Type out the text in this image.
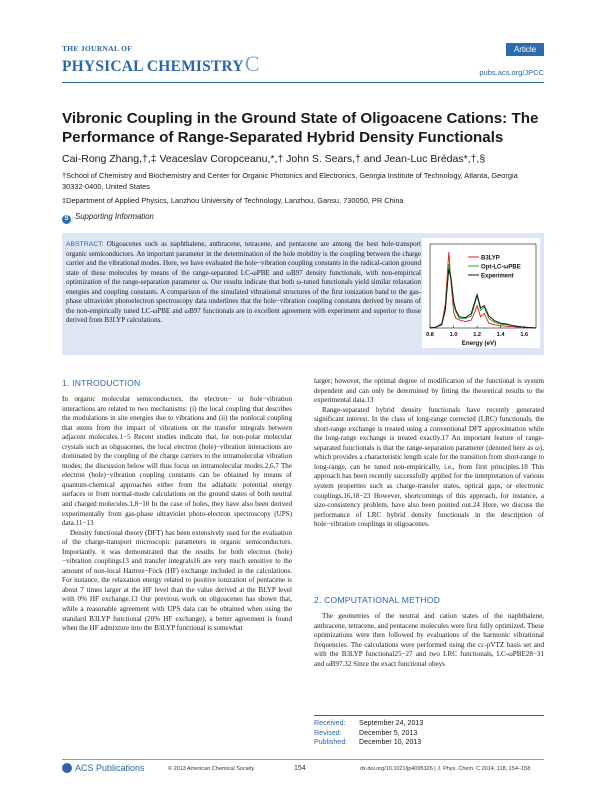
THE JOURNAL OF
PHYSICAL CHEMISTRYC
Article
pubs.acs.org/JPCC
Vibronic Coupling in the Ground State of Oligoacene Cations: The Performance of Range-Separated Hybrid Density Functionals
Cai-Rong Zhang,†,‡ Veaceslav Coropceanu,*,† John S. Sears,† and Jean-Luc Brédas*,†,§
†School of Chemistry and Biochemistry and Center for Organic Photonics and Electronics, Georgia Institute of Technology, Atlanta, Georgia 30332-0400, United States
‡Department of Applied Physics, Lanzhou University of Technology, Lanzhou, Gansu, 730050, PR China
S Supporting Information
ABSTRACT: Oligoacenes such as naphthalene, anthracene, tetracene, and pentacene are among the best hole-transport organic semiconductors. An important parameter in the determination of the hole mobility is the coupling between the charge carrier and the vibrational modes. Here, we have evaluated the hole−vibration coupling constants in the radical-cation ground state of these molecules by means of the range-separated LC-ωPBE and ωB97 density functionals, with non-empirical optimization of the range-separation parameter ω. Our results indicate that both ω-tuned functionals yield similar relaxation energies and coupling constants. A comparison of the simulated vibrational structures of the first ionization band to the gas-phase ultraviolet photoelectron spectroscopy data underlines that the hole−vibration coupling constants derived by means of the non-empirically tuned LC-ωPBE and ωB97 functionals are in excellent agreement with experiment and superior to those derived from B3LYP calculations.
0.8	1.0	1.2	1.4	1.6
B3LYP
Opt-LC-ωPBE
Experiment
Energy (eV)
1. INTRODUCTION

In organic molecular semiconductors, the electron− or hole−vibration interactions are related to two mechanisms: (i) the local coupling that describes the modulations in site energies due to vibrations and (ii) the nonlocal coupling that stems from the impact of vibrations on the transfer integrals between adjacent molecules.1−5 Recent studies indicate that, for non-polar molecular crystals such as oligoacenes, the local electron (hole)−vibration interactions are dominated by the coupling of the charge carriers to the intramolecular vibration modes; the discussion below will thus focus on intramolecular modes.2,6,7 The electron (hole)−vibration coupling constants can be obtained by means of quantum-chemical approaches either from the adiabatic potential energy surfaces or from normal-mode calculations on the ground states of both neutral and charged molecules.1,8−10 In the case of holes, they have also been derived experimentally from gas-phase ultraviolet photo-electron spectroscopy (UPS) data.11−13

Density functional theory (DFT) has been extensively used for the evaluation of the charge-transport microscopic parameters in organic semiconductors. Importantly, it was demonstrated that the results for both electron (hole)−vibration couplings13 and transfer integrals16 are very much sensitive to the amount of non-local Hartree−Fock (HF) exchange included in the calculations. For instance, the relaxation energy related to positive ionization of pentacene is about 7 times larger at the HF level than the value derived at the BLYP level with 0% HF exchange.13 Our previous work on oligoacenes has shown that, while a reasonable agreement with UPS data can be obtained when using the standard B3LYP functional (20% HF exchange), a better agreement is found when the HF admixture into the B3LYP functional is somewhat

larger; however, the optimal degree of modification of the functional is system dependent and can only be determined by fitting the theoretical results to the experimental data.13

Range-separated hybrid density functionals have recently generated significant interest. In the class of long-range corrected (LRC) functionals, the short-range exchange is treated using a conventional DFT approximation while the long-range exchange is treated exactly.17 An important feature of range-separated functionals is that the range-separation parameter (denoted here as ω), which provides a characteristic length scale for the transition from short-range to long-range, can be tuned non-empirically, i.e., from first principles.18 This approach has been recently successfully applied for the interpretation of various system properties such as charge-transfer states, optical gaps, or electronic couplings.16,18−23 However, shortcomings of this approach, for instance, a size-consistency problem, have also been pointed out.24 Here, we discuss the performance of LRC hybrid density functionals in the description of hole−vibration couplings in oligoacenes.

2. COMPUTATIONAL METHOD

The geometries of the neutral and cation states of the naphthalene, anthracene, tetracene, and pentacene molecules were first fully optimized. These optimizations were then followed by evaluations of the harmonic vibrational frequencies. The calculations were performed using the cc-pVTZ basis set and with the B3LYP functional25−27 and two LRC functionals, LC-ωPBE28−31 and ωB97.32 Since the exact functional obeys

Received: September 24, 2013
Revised: December 5, 2013
Published: December 10, 2013
ACS Publications	© 2013 American Chemical Society	154	dx.doi.org/10.1021/jp4095326 | J. Phys. Chem. C 2014, 118, 154−158
